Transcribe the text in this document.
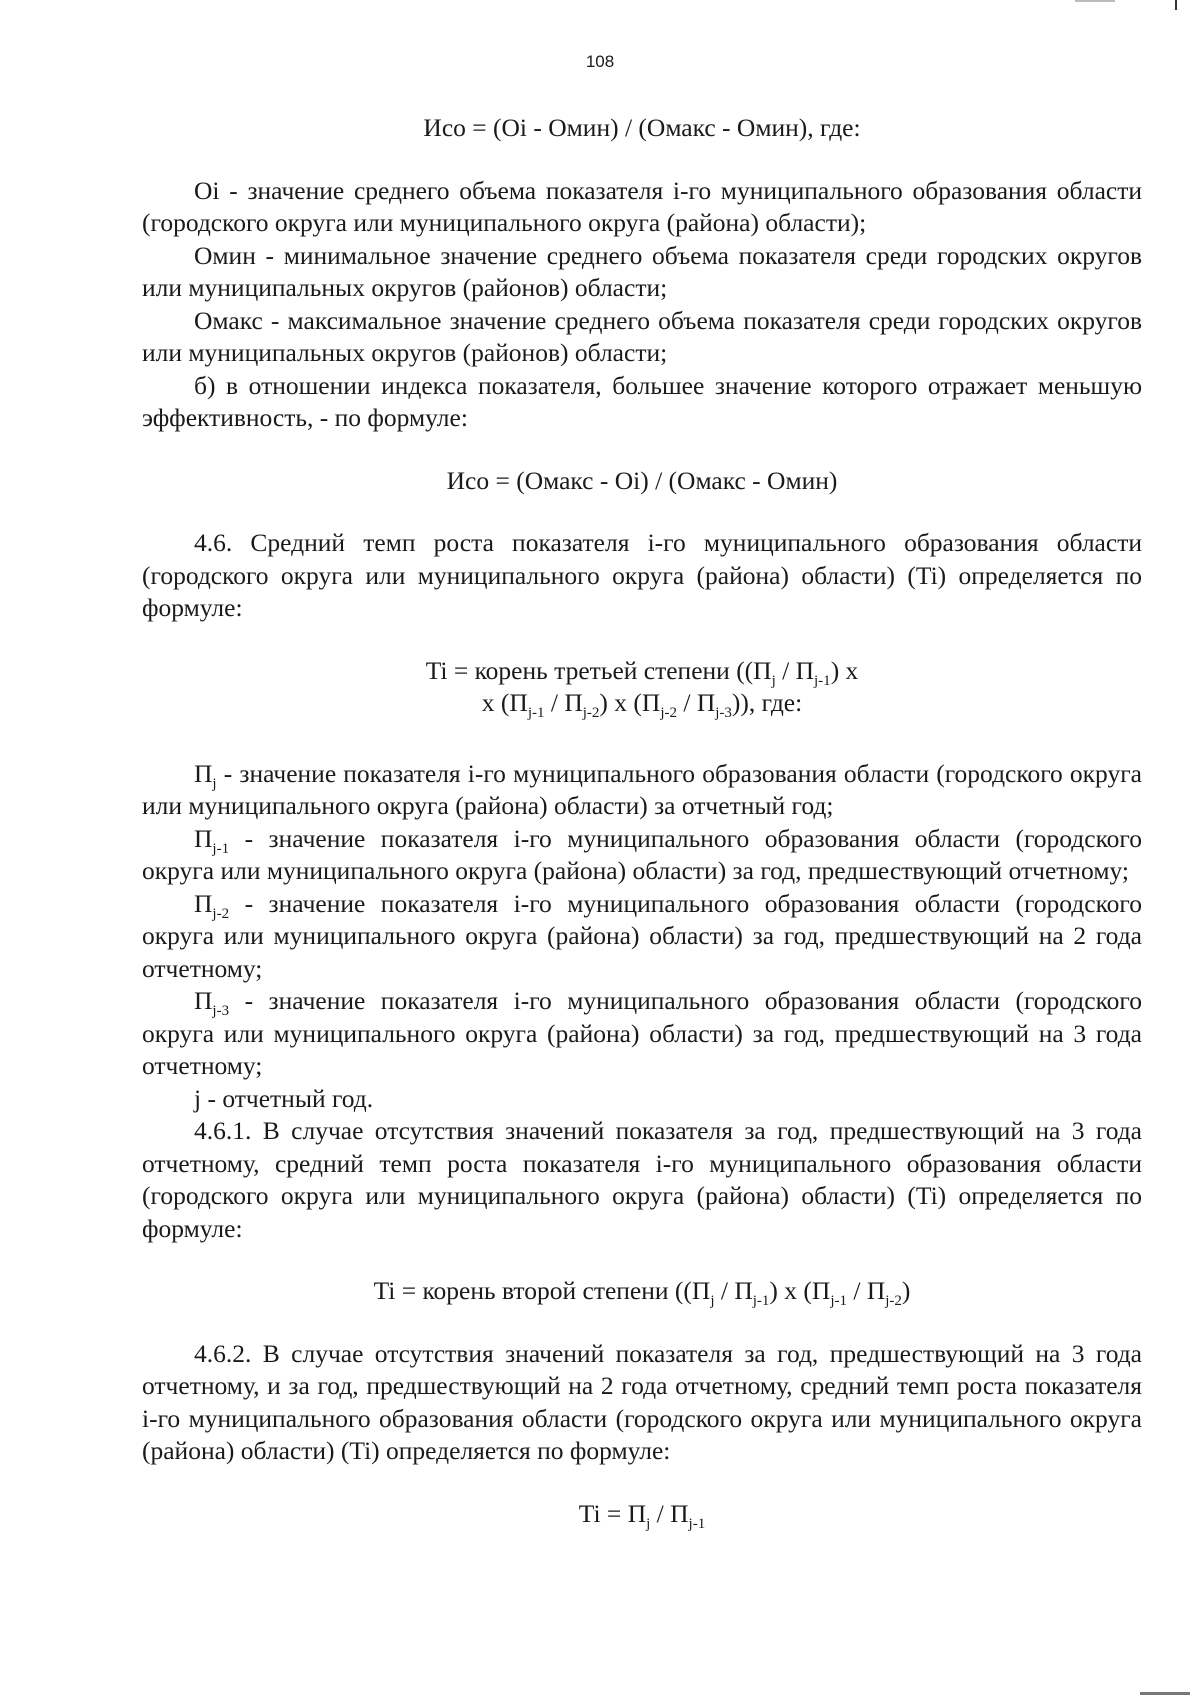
108

Исо = (Oi - Омин) / (Омакс - Омин), где:

Oi - значение среднего объема показателя i-го муниципального образования области (городского округа или муниципального округа (района) области);

Омин - минимальное значение среднего объема показателя среди городских округов или муниципальных округов (районов) области;

Омакс - максимальное значение среднего объема показателя среди городских округов или муниципальных округов (районов) области;

б) в отношении индекса показателя, большее значение которого отражает меньшую эффективность, - по формуле:

Исо = (Омакс - Oi) / (Омакс - Омин)

4.6. Средний темп роста показателя i-го муниципального образования области (городского округа или муниципального округа (района) области) (Ti) определяется по формуле:

Ti = корень третьей степени ($(П_j / П_{j-1})$ x
x $(П_{j-1} / П_{j-2})$ x $(П_{j-2} / П_{j-3})$), где:

$П_j$ - значение показателя i-го муниципального образования области (городского округа или муниципального округа (района) области) за отчетный год;

$П_{j-1}$ - значение показателя i-го муниципального образования области (городского округа или муниципального округа (района) области) за год, предшествующий отчетному;

$П_{j-2}$ - значение показателя i-го муниципального образования области (городского округа или муниципального округа (района) области) за год, предшествующий на 2 года отчетному;

$П_{j-3}$ - значение показателя i-го муниципального образования области (городского округа или муниципального округа (района) области) за год, предшествующий на 3 года отчетному;

j - отчетный год.

4.6.1. В случае отсутствия значений показателя за год, предшествующий на 3 года отчетному, средний темп роста показателя i-го муниципального образования области (городского округа или муниципального округа (района) области) (Ti) определяется по формуле:

Ti = корень второй степени ($(П_j / П_{j-1})$ x $(П_{j-1} / П_{j-2})$

4.6.2. В случае отсутствия значений показателя за год, предшествующий на 3 года отчетному, и за год, предшествующий на 2 года отчетному, средний темп роста показателя i-го муниципального образования области (городского округа или муниципального округа (района) области) (Ti) определяется по формуле:

$Ti = П_j / П_{j-1}$
